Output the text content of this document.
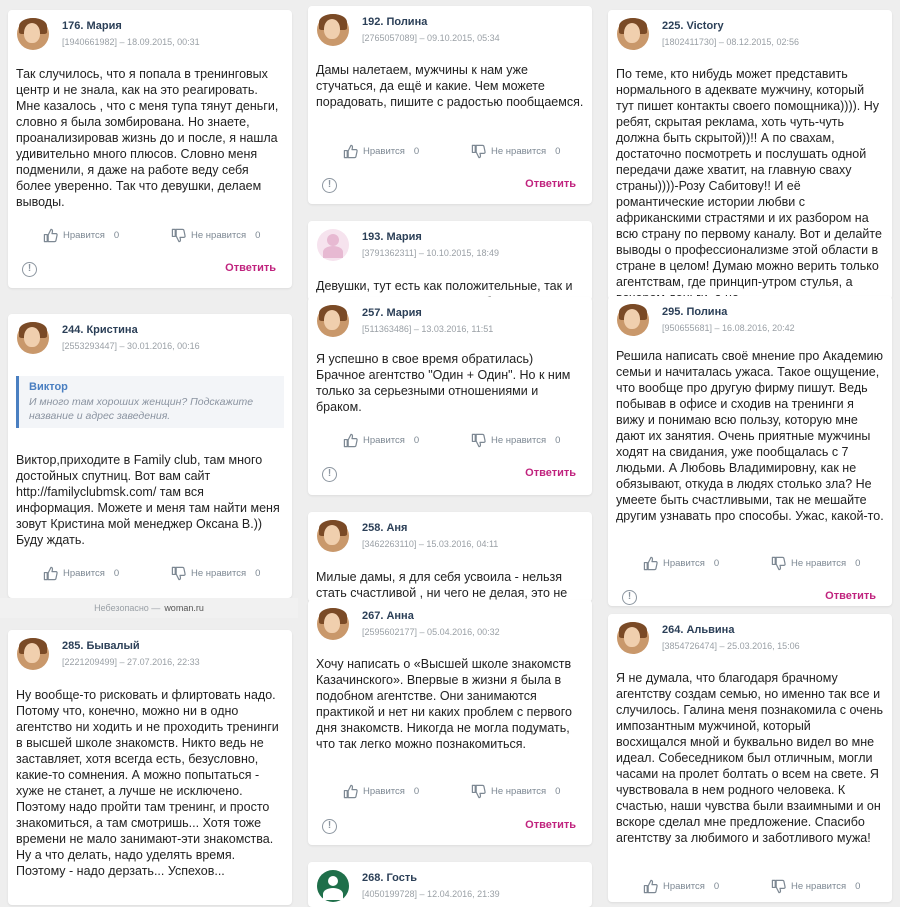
176. Мария
[1940661982] – 18.09.2015, 00:31
Так случилось, что я попала в тренинговых центр и не знала, как на это реагировать. Мне казалось , что с меня тупа тянут деньги, словно я была зомбирована. Но знаете, проанализировав жизнь до и после, я нашла удивительно много плюсов. Словно меня подменили, я даже на работе веду себя более уверенно. Так что девушки, делаем выводы.
Нравится 0	Не нравится 0
!	Ответить
244. Кристина
[2553293447] – 30.01.2016, 00:16
Виктор
И много там хороших женщин? Подскажите название и адрес заведения.
Виктор,приходите в Family club, там много достойных спутниц. Вот вам сайт http://familyclubmsk.com/ там вся информация. Можете и меня там найти меня зовут Кристина мой менеджер Оксана В.)) Буду ждать.
Нравится 0	Не нравится 0
Небезопасно — woman.ru
285. Бывалый
[2221209499] – 27.07.2016, 22:33
Ну вообще-то рисковать и флиртовать надо. Потому что, конечно, можно ни в одно агентство ни ходить и не проходить тренинги в высшей школе знакомств. Никто ведь не заставляет, хотя всегда есть, безусловно, какие-то сомнения. А можно попытаться - хуже не станет, а лучше не исключено. Поэтому надо пройти там тренинг, и просто знакомиться, а там смотришь... Хотя тоже времени не мало занимают-эти знакомства. Ну а что делать, надо уделять время. Поэтому - надо дерзать... Успехов...
192. Полина
[2765057089] – 09.10.2015, 05:34
Дамы налетаем, мужчины к нам уже стучаться, да ещё и какие. Чем можете порадовать, пишите с радостью пообщаемся.
Нравится 0	Не нравится 0
!	Ответить
193. Мария
[3791362311] – 10.10.2015, 18:49
Девушки, тут есть как положительные, так и
257. Мария
[511363486] – 13.03.2016, 11:51
Я успешно в свое время обратилась) Брачное агентство "Один + Один". Но к ним только за серьезными отношениями и браком.
Нравится 0	Не нравится 0
!	Ответить
258. Аня
[3462263110] – 15.03.2016, 04:11
Милые дамы, я для себя усвоила - нельзя стать счастливой , ни чего не делая, это не
267. Анна
[2595602177] – 05.04.2016, 00:32
Хочу написать о «Высшей школе знакомств Казачинского». Впервые в жизни я была в подобном агентстве. Они занимаются практикой и нет ни каких проблем с первого дня знакомств. Никогда не могла подумать, что так легко можно познакомиться.
Нравится 0	Не нравится 0
!	Ответить
268. Гость
[4050199728] – 12.04.2016, 21:39
225. Victory
[1802411730] – 08.12.2015, 02:56
По теме, кто нибудь может представить нормального в адеквате мужчину, который тут пишет контакты своего помощника)))). Ну ребят, скрытая реклама, хоть чуть-чуть должна быть скрытой))!! А по свахам, достаточно посмотреть и послушать одной передачи даже хватит, на главную сваху страны))))-Розу Сабитову!! И её романтические истории любви с африканскими страстями и их разбором на всю страну по первому каналу. Вот и делайте выводы о профессионализме этой области в стране в целом! Думаю можно верить только агентствам, где принцип-утром стулья, а
295. Полина
[950655681] – 16.08.2016, 20:42
Решила написать своё мнение про Академию семьи и начиталась ужаса. Такое ощущение, что вообще про другую фирму пишут. Ведь побывав в офисе и сходив на тренинги я вижу и понимаю всю пользу, которую мне дают их занятия. Очень приятные мужчины ходят на свидания, уже пообщалась с 7 людьми. А Любовь Владимировну, как не обязывают, откуда в людях столько зла? Не умеете быть счастливыми, так не мешайте другим узнавать про способы. Ужас, какой-то.
Нравится 0	Не нравится 0
!	Ответить
264. Альвина
[3854726474] – 25.03.2016, 15:06
Я не думала, что благодаря брачному агентству создам семью, но именно так все и случилось. Галина меня познакомила с очень импозантным мужчиной, который восхищался мной и буквально видел во мне идеал. Собеседником был отличным, могли часами на пролет болтать о всем на свете. Я чувствовала в нем родного человека. К счастью, наши чувства были взаимными и он вскоре сделал мне предложение. Спасибо агентству за любимого и заботливого мужа!
Нравится 0	Не нравится 0
